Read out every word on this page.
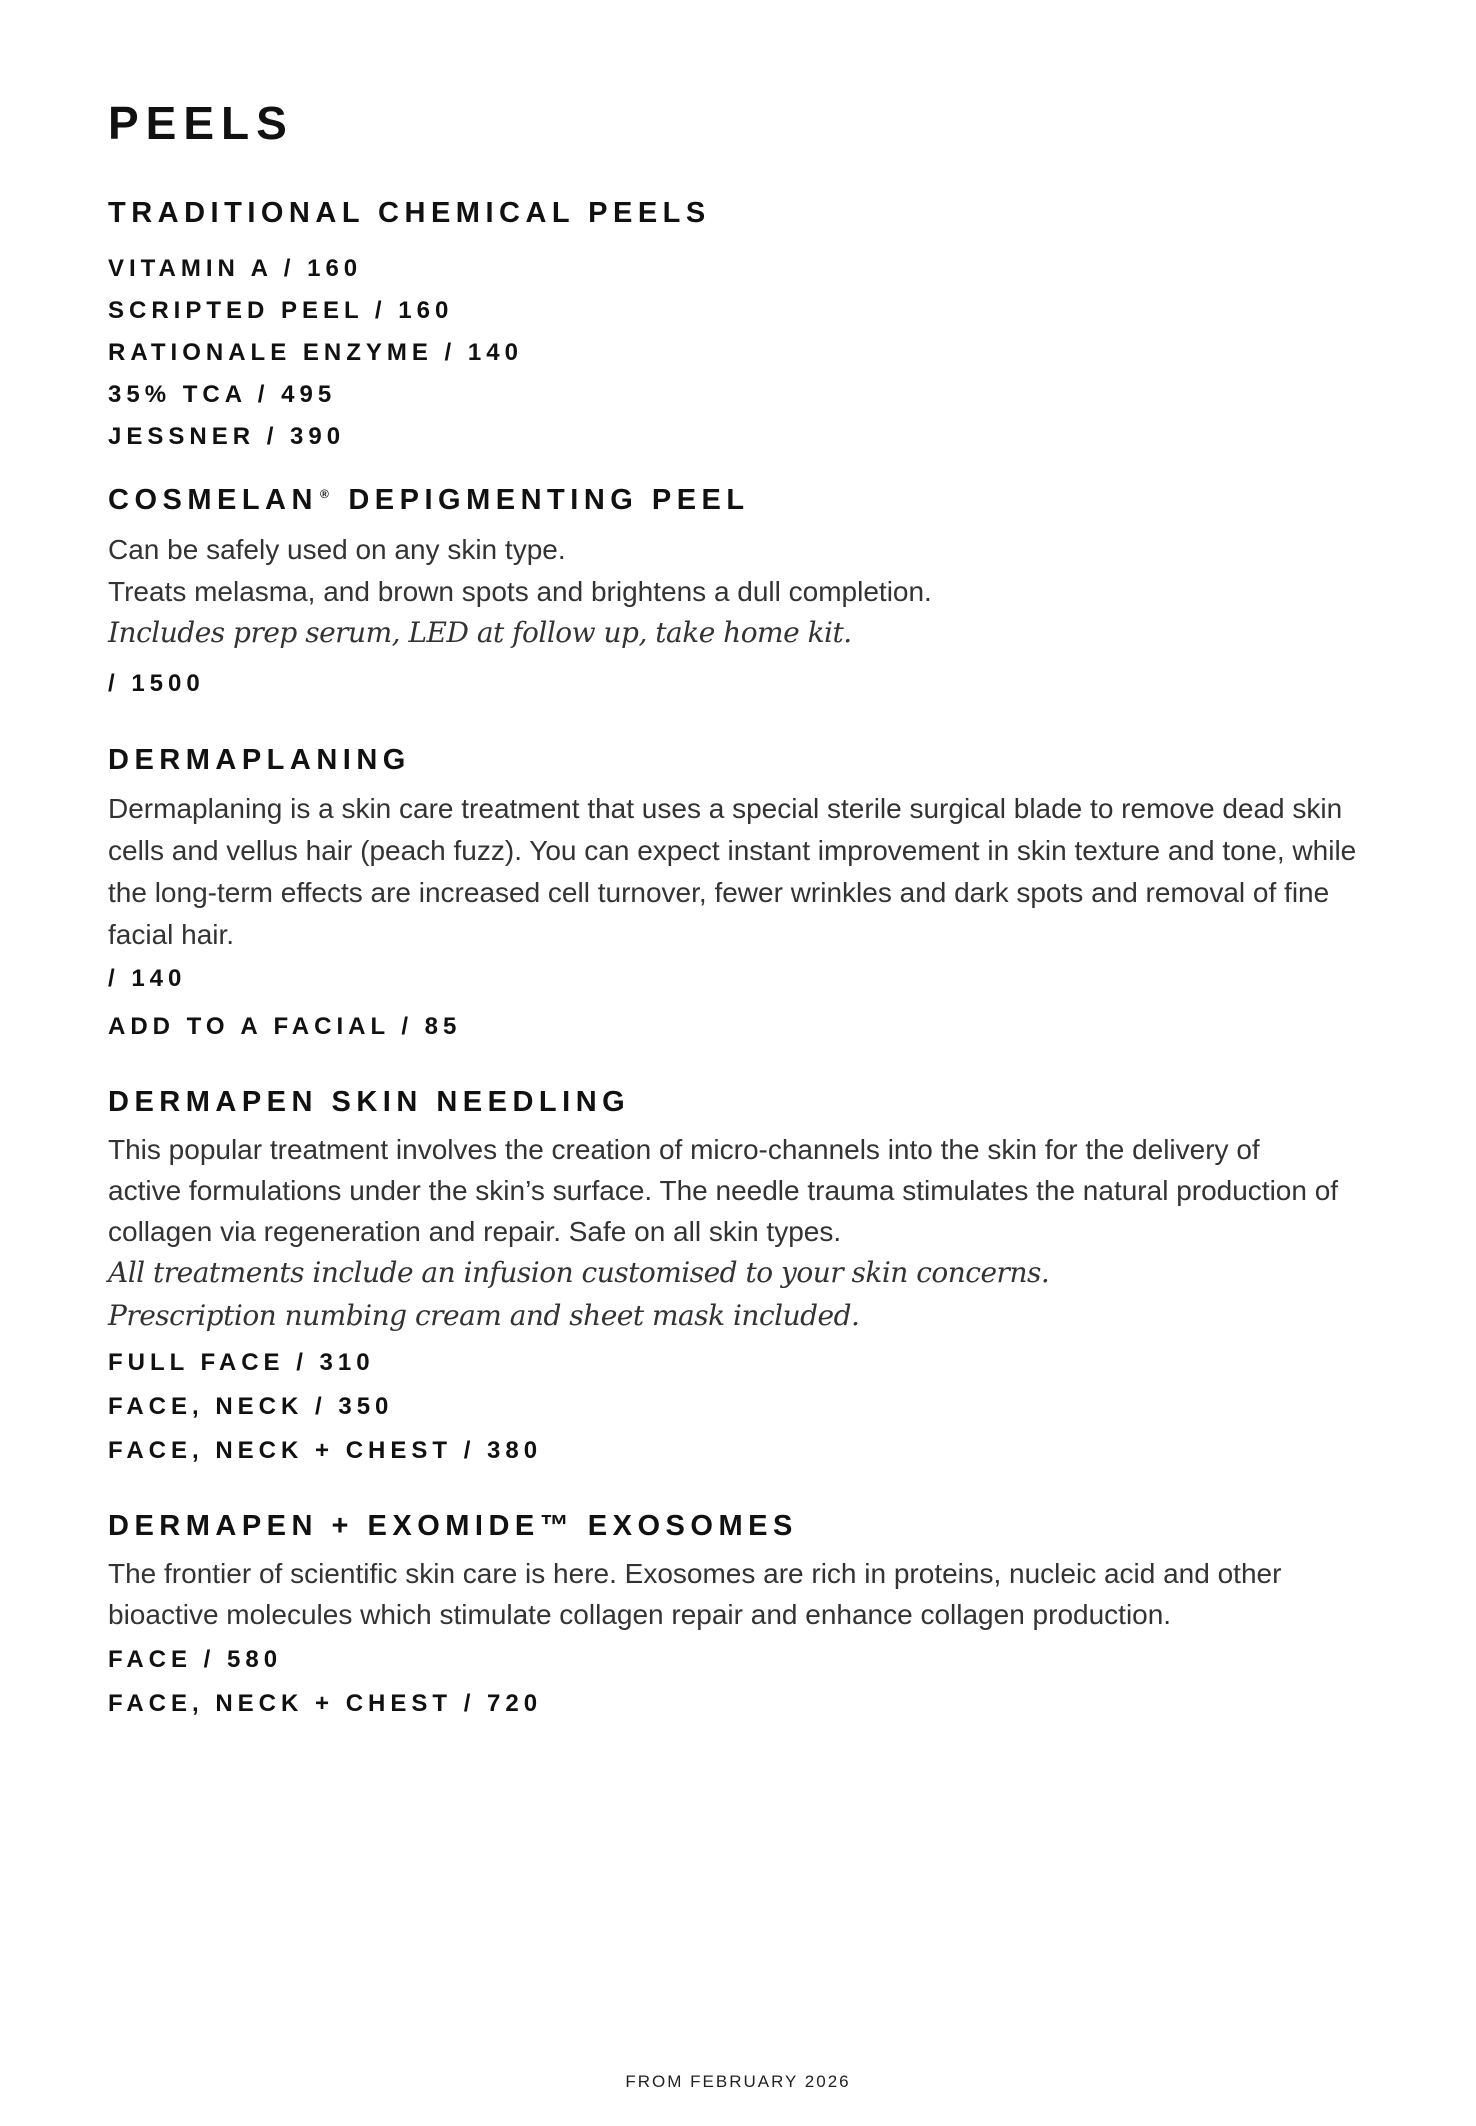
PEELS
TRADITIONAL CHEMICAL PEELS
VITAMIN A / 160
SCRIPTED PEEL / 160
RATIONALE ENZYME / 140
35% TCA / 495
JESSNER / 390
COSMELAN ® DEPIGMENTING PEEL
Can be safely used on any skin type.
Treats melasma, and brown spots and brightens a dull completion.
Includes prep serum, LED at follow up, take home kit.
/ 1500
DERMAPLANING
Dermaplaning is a skin care treatment that uses a special sterile surgical blade to remove dead skin
cells and vellus hair (peach fuzz). You can expect instant improvement in skin texture and tone, while
the long-term effects are increased cell turnover, fewer wrinkles and dark spots and removal of fine
facial hair.
/ 140
ADD TO A FACIAL / 85
DERMAPEN SKIN NEEDLING
This popular treatment involves the creation of micro-channels into the skin for the delivery of
active formulations under the skin’s surface. The needle trauma stimulates the natural production of
collagen via regeneration and repair. Safe on all skin types.
All treatments include an infusion customised to your skin concerns.
Prescription numbing cream and sheet mask included.
FULL FACE / 310
FACE, NECK / 350
FACE, NECK + CHEST / 380
DERMAPEN + EXOMIDE™ EXOSOMES
The frontier of scientific skin care is here. Exosomes are rich in proteins, nucleic acid and other
bioactive molecules which stimulate collagen repair and enhance collagen production.
FACE / 580
FACE, NECK + CHEST / 720
FROM FEBRUARY 2026
